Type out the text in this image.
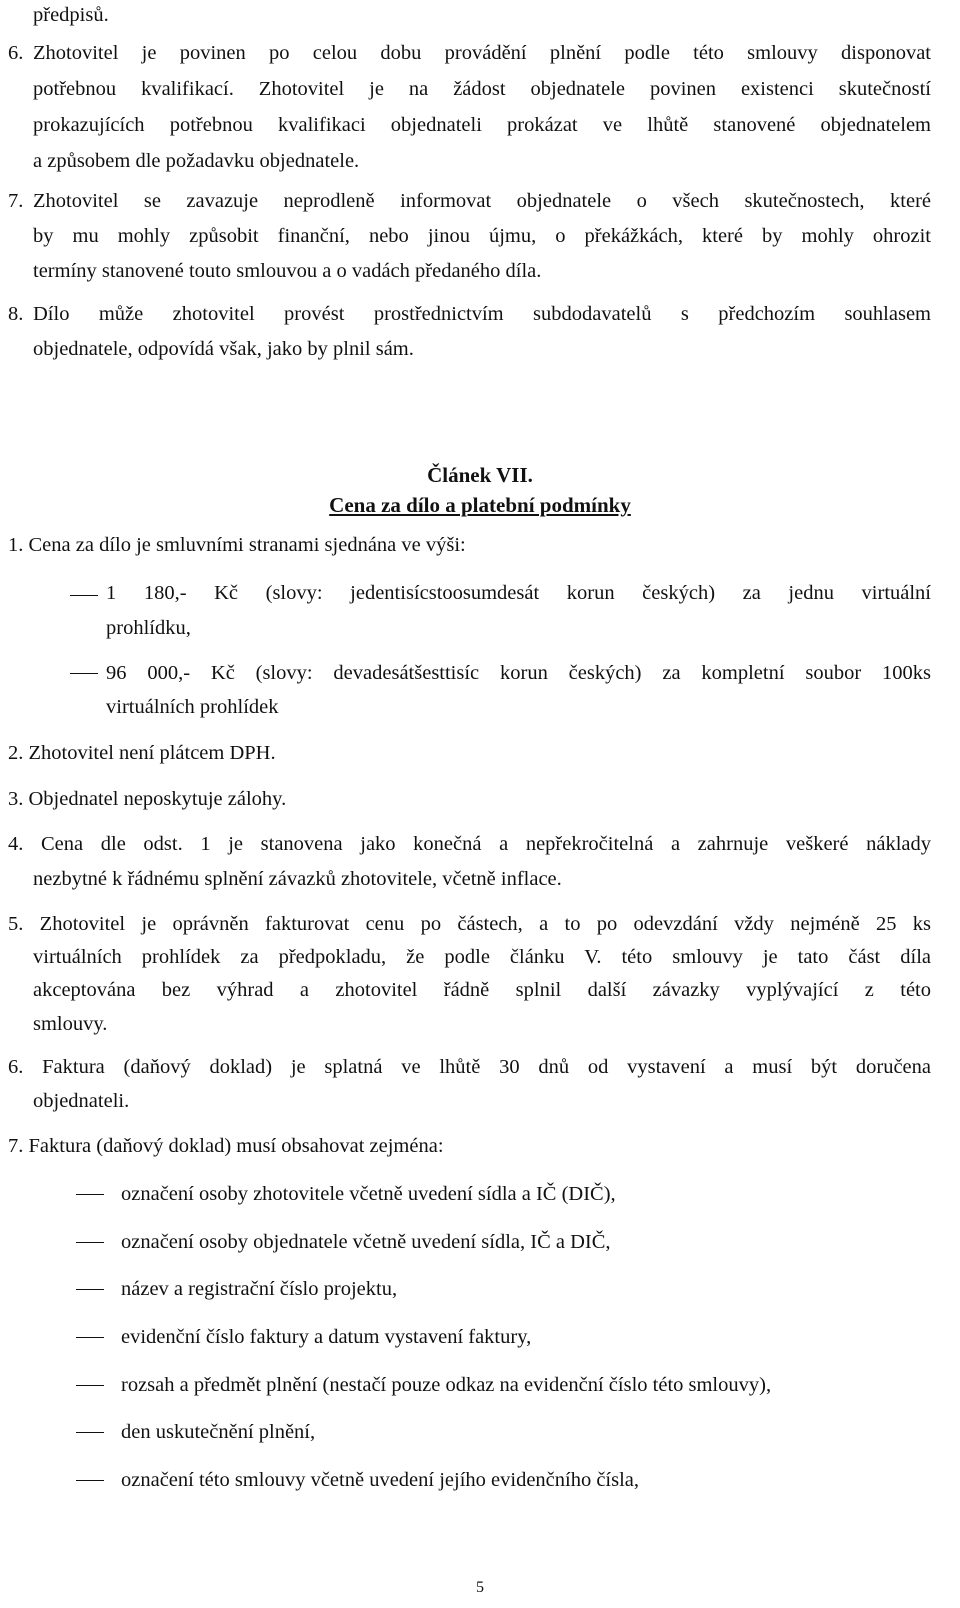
předpisů.
6. Zhotovitel je povinen po celou dobu provádění plnění podle této smlouvy disponovat
potřebnou kvalifikací. Zhotovitel je na žádost objednatele povinen existenci skutečností
prokazujících potřebnou kvalifikaci objednateli prokázat ve lhůtě stanovené objednatelem
a způsobem dle požadavku objednatele.
7. Zhotovitel se zavazuje neprodleně informovat objednatele o všech skutečnostech, které
by mu mohly způsobit finanční, nebo jinou újmu, o překážkách, které by mohly ohrozit
termíny stanovené touto smlouvou a o vadách předaného díla.
8. Dílo může zhotovitel provést prostřednictvím subdodavatelů s předchozím souhlasem
objednatele, odpovídá však, jako by plnil sám.
Článek VII.
Cena za dílo a platební podmínky
1. Cena za dílo je smluvními stranami sjednána ve výši:
1 180,- Kč (slovy: jedentisícstoosumdesát korun českých) za jednu virtuální
prohlídku,
96 000,- Kč (slovy: devadesátšesttisíc korun českých) za kompletní soubor 100ks
virtuálních prohlídek
2. Zhotovitel není plátcem DPH.
3. Objednatel neposkytuje zálohy.
4. Cena dle odst. 1 je stanovena jako konečná a nepřekročitelná a zahrnuje veškeré náklady
nezbytné k řádnému splnění závazků zhotovitele, včetně inflace.
5. Zhotovitel je oprávněn fakturovat cenu po částech, a to po odevzdání vždy nejméně 25 ks
virtuálních prohlídek za předpokladu, že podle článku V. této smlouvy je tato část díla
akceptována bez výhrad a zhotovitel řádně splnil další závazky vyplývající z této
smlouvy.
6. Faktura (daňový doklad) je splatná ve lhůtě 30 dnů od vystavení a musí být doručena
objednateli.
7. Faktura (daňový doklad) musí obsahovat zejména:
označení osoby zhotovitele včetně uvedení sídla a IČ (DIČ),
označení osoby objednatele včetně uvedení sídla, IČ a DIČ,
název a registrační číslo projektu,
evidenční číslo faktury a datum vystavení faktury,
rozsah a předmět plnění (nestačí pouze odkaz na evidenční číslo této smlouvy),
den uskutečnění plnění,
označení této smlouvy včetně uvedení jejího evidenčního čísla,
5
